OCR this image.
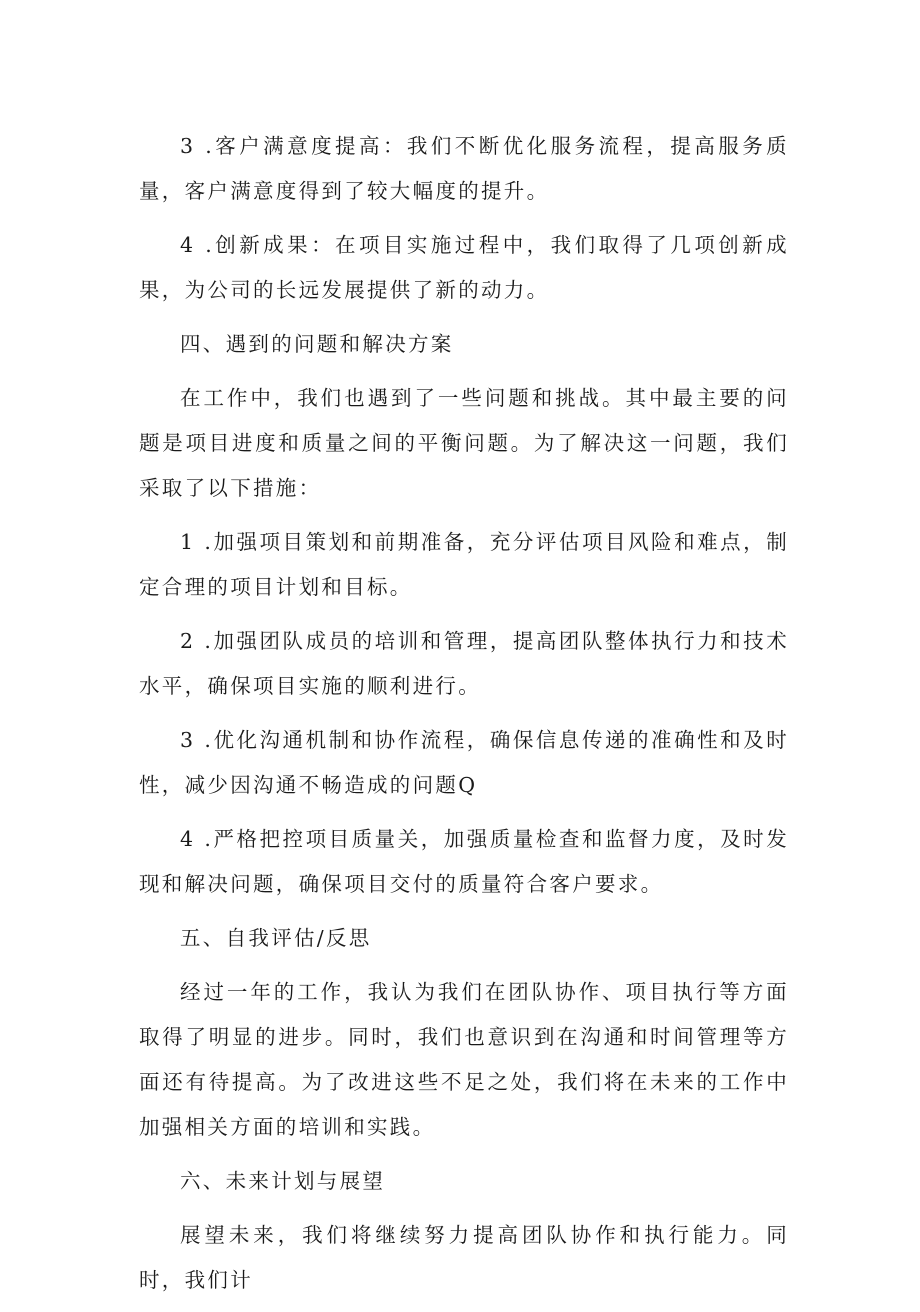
3 .客户满意度提高：我们不断优化服务流程，提高服务质量，客户满意度得到了较大幅度的提升。

4 .创新成果：在项目实施过程中，我们取得了几项创新成果，为公司的长远发展提供了新的动力。

四、遇到的问题和解决方案

在工作中，我们也遇到了一些问题和挑战。其中最主要的问题是项目进度和质量之间的平衡问题。为了解决这一问题，我们采取了以下措施：

1 .加强项目策划和前期准备，充分评估项目风险和难点，制定合理的项目计划和目标。

2 .加强团队成员的培训和管理，提高团队整体执行力和技术水平，确保项目实施的顺利进行。

3 .优化沟通机制和协作流程，确保信息传递的准确性和及时性，减少因沟通不畅造成的问题Q

4 .严格把控项目质量关，加强质量检查和监督力度，及时发现和解决问题，确保项目交付的质量符合客户要求。

五、自我评估/反思

经过一年的工作，我认为我们在团队协作、项目执行等方面取得了明显的进步。同时，我们也意识到在沟通和时间管理等方面还有待提高。为了改进这些不足之处，我们将在未来的工作中加强相关方面的培训和实践。

六、未来计划与展望

展望未来，我们将继续努力提高团队协作和执行能力。同时，我们计
